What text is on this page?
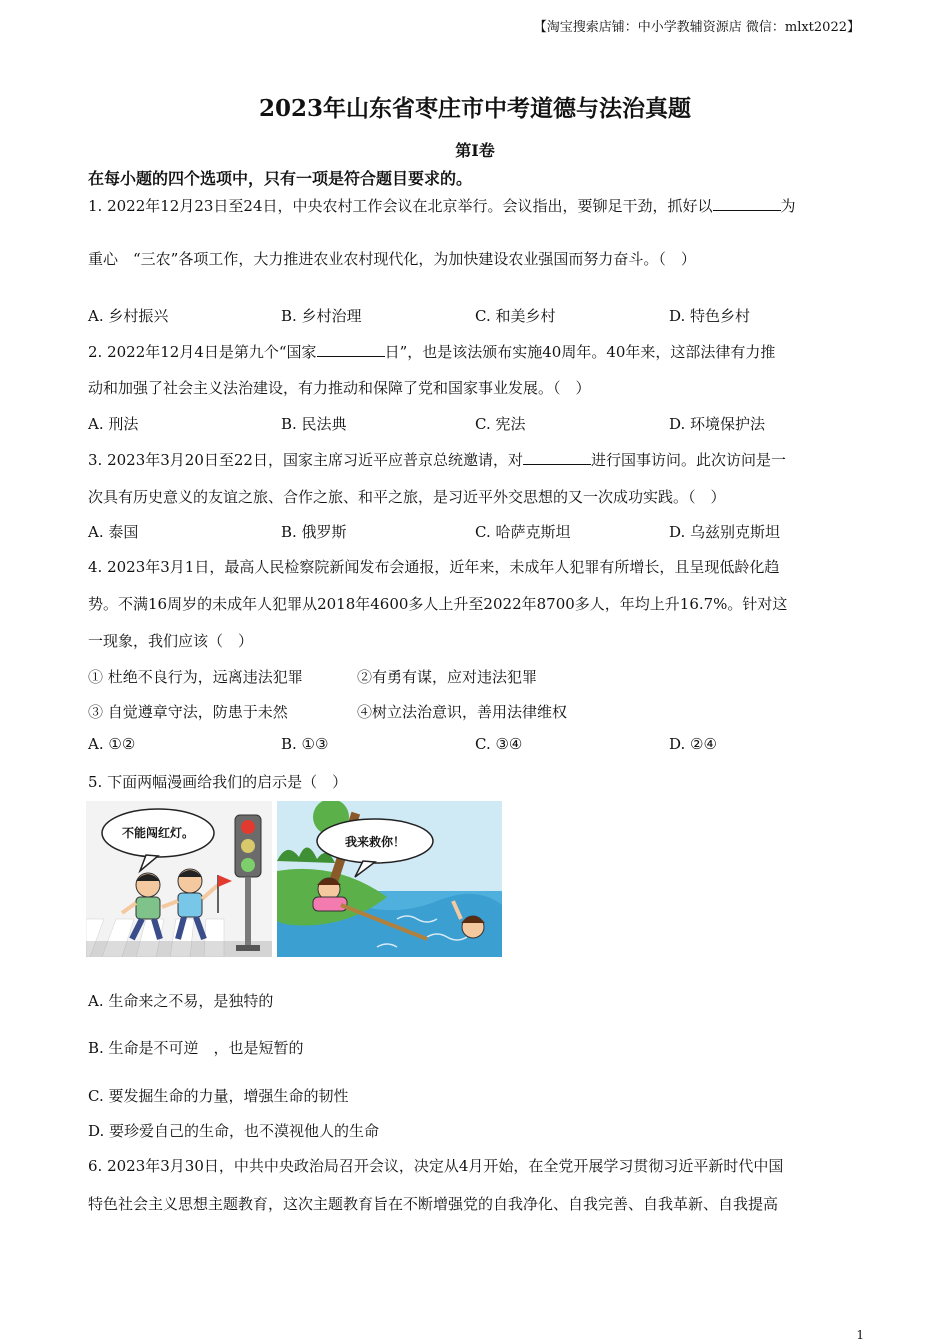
【淘宝搜索店铺：中小学教辅资源店 微信：mlxt2022】
2023年山东省枣庄市中考道德与法治真题
第Ⅰ卷
在每小题的四个选项中，只有一项是符合题目要求的。
1. 2022年12月23日至24日，中央农村工作会议在北京举行。会议指出，要铆足干劲，抓好以	为
重心　“三农”各项工作，大力推进农业农村现代化，为加快建设农业强国而努力奋斗。（　）
A. 乡村振兴	B. 乡村治理	C. 和美乡村	D. 特色乡村
2. 2022年12月4日是第九个“国家	日”，也是该法颁布实施40周年。40年来，这部法律有力推
动和加强了社会主义法治建设，有力推动和保障了党和国家事业发展。（　）
A. 刑法	B. 民法典	C. 宪法	D. 环境保护法
3. 2023年3月20日至22日，国家主席习近平应普京总统邀请，对	进行国事访问。此次访问是一
次具有历史意义的友谊之旅、合作之旅、和平之旅，是习近平外交思想的又一次成功实践。（　）
A. 泰国	B. 俄罗斯	C. 哈萨克斯坦	D. 乌兹别克斯坦
4. 2023年3月1日，最高人民检察院新闻发布会通报，近年来，未成年人犯罪有所增长，且呈现低龄化趋
势。不满16周岁的未成年人犯罪从2018年4600多人上升至2022年8700多人，年均上升16.7%。针对这
一现象，我们应该（　）
① 杜绝不良行为，远离违法犯罪	②有勇有谋，应对违法犯罪
③ 自觉遵章守法，防患于未然	④树立法治意识，善用法律维权
A. ①②	B. ①③	C. ③④	D. ②④
5. 下面两幅漫画给我们的启示是（　）
不能闯红灯。
我来救你！
A. 生命来之不易，是独特的
B. 生命是不可逆　，也是短暂的
C. 要发掘生命的力量，增强生命的韧性
D. 要珍爱自己的生命，也不漠视他人的生命
6. 2023年3月30日，中共中央政治局召开会议，决定从4月开始，在全党开展学习贯彻习近平新时代中国
特色社会主义思想主题教育，这次主题教育旨在不断增强党的自我净化、自我完善、自我革新、自我提高
1
